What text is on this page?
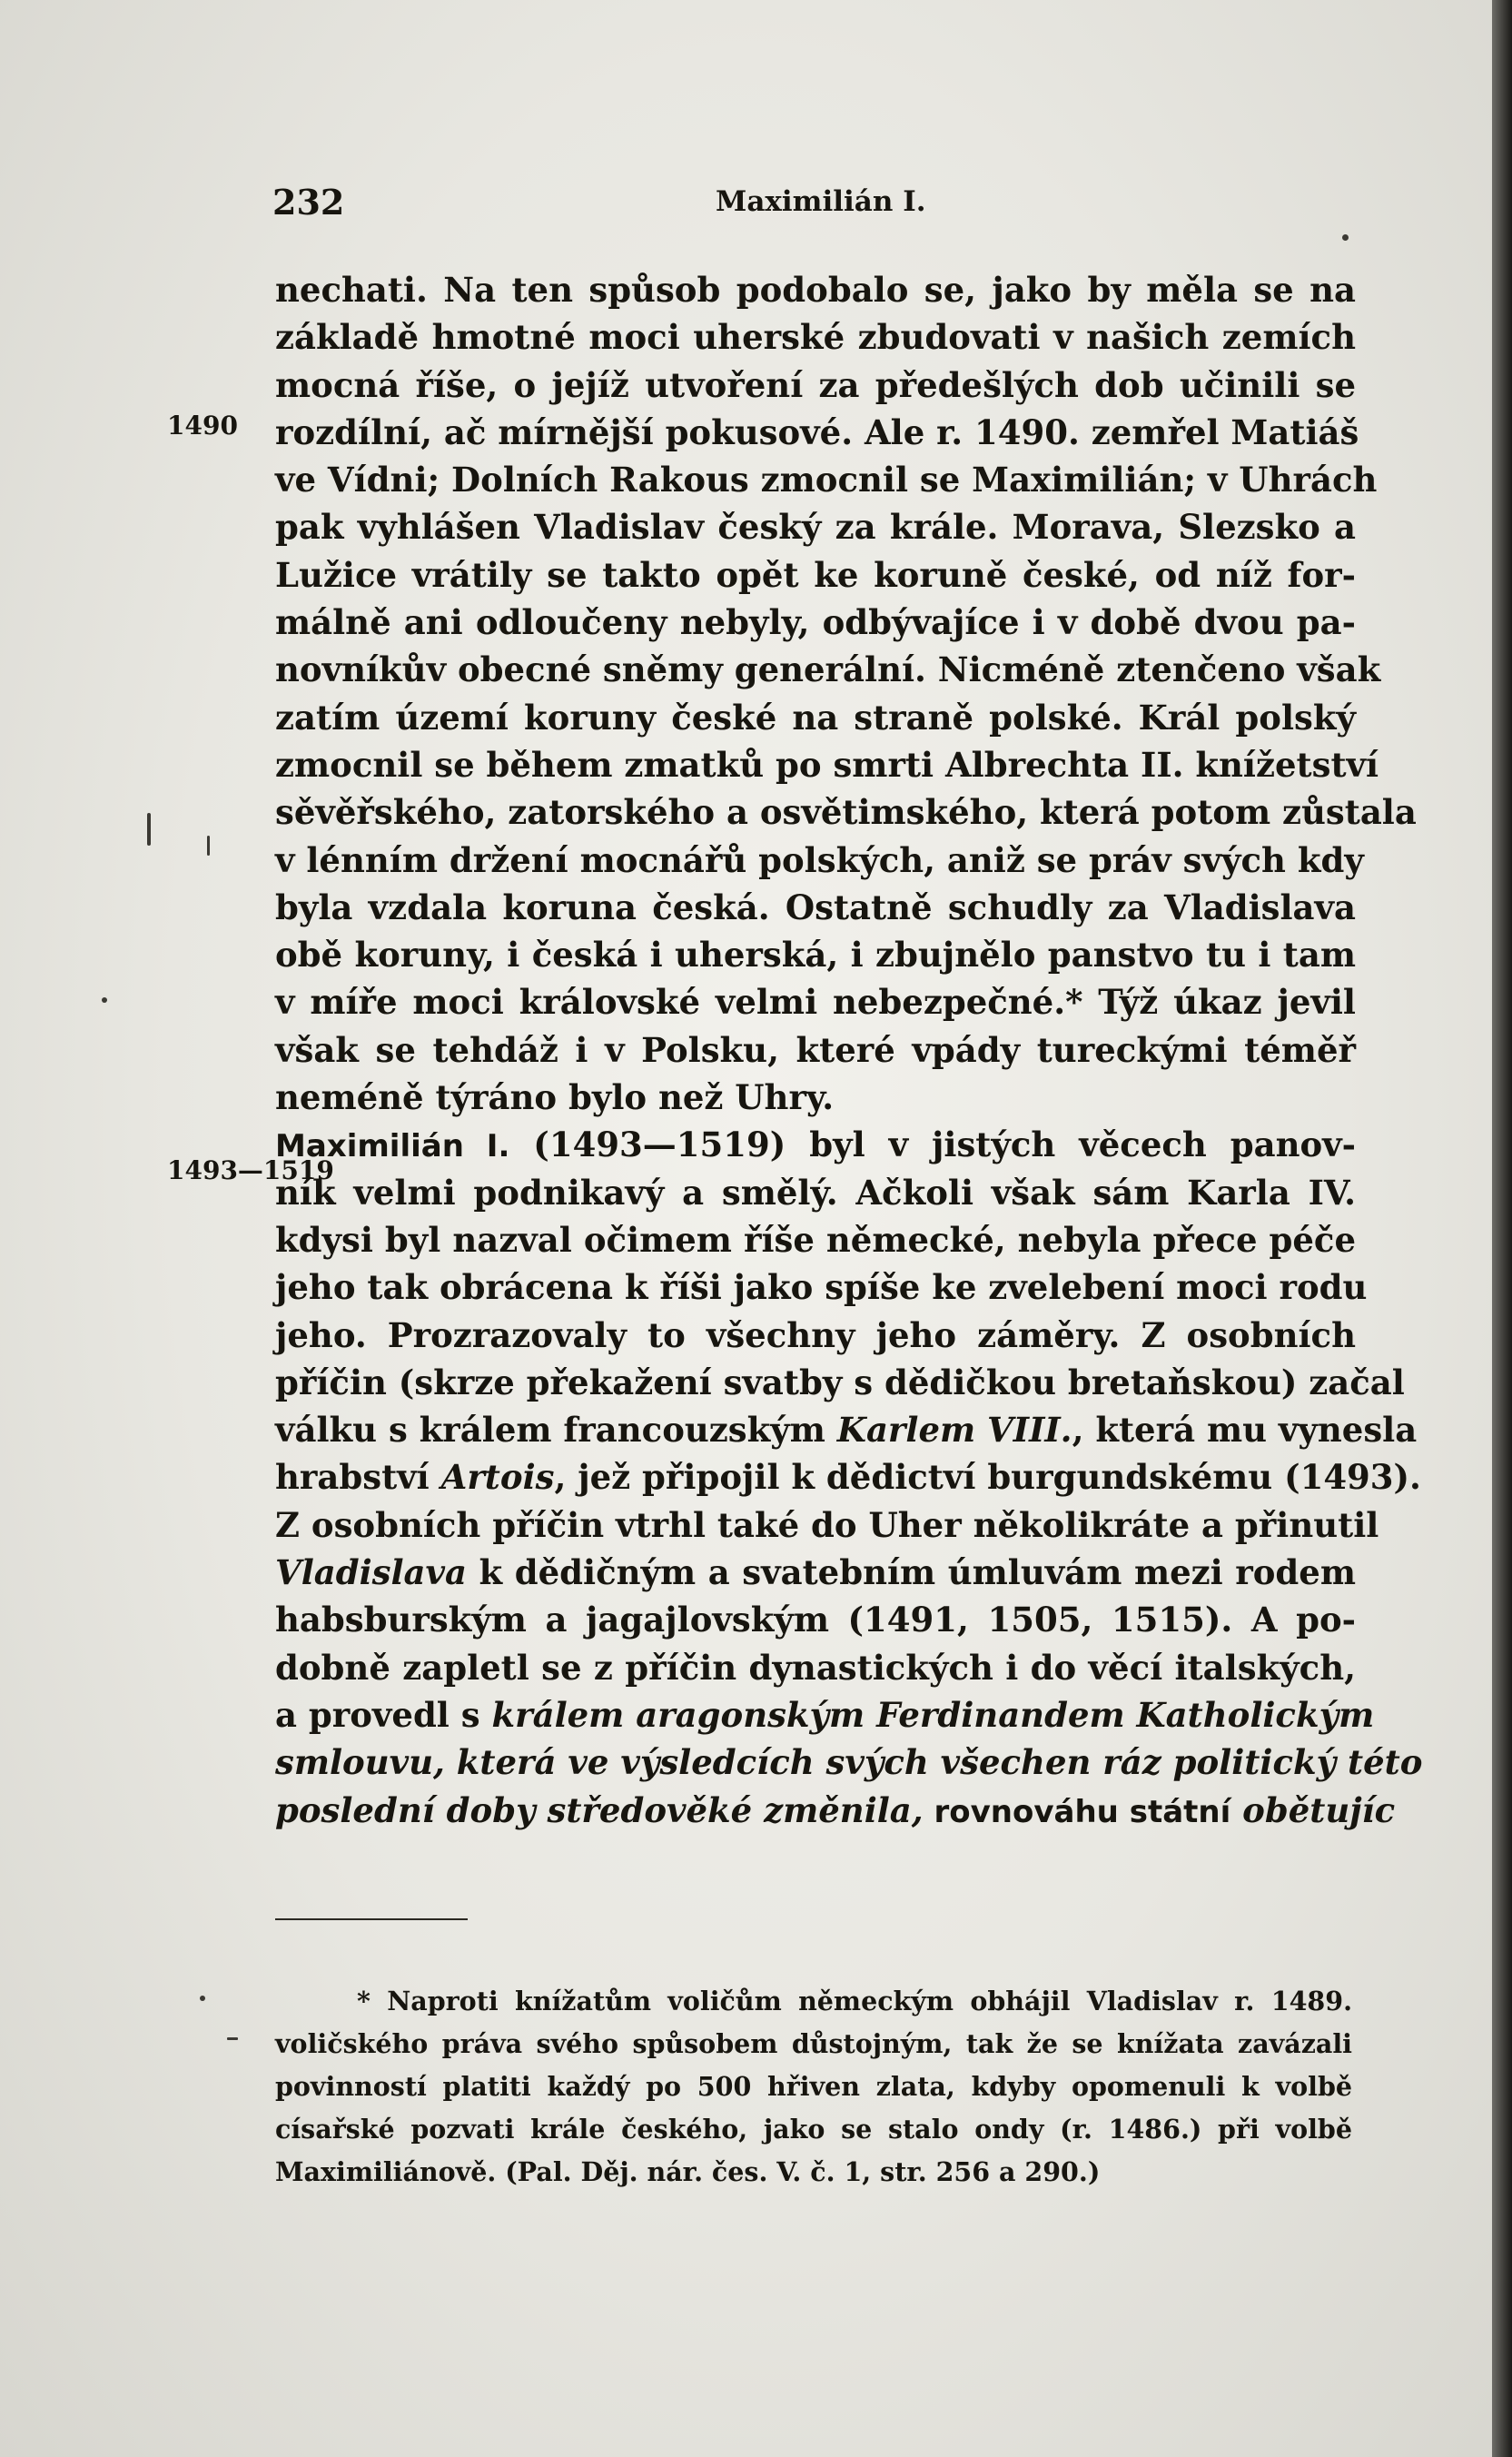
232	Maximilián I.
1490
1493—1519
nechati. Na ten spůsob podobalo se, jako by měla se na
základě hmotné moci uherské zbudovati v našich zemích
mocná říše, o jejíž utvoření za předešlých dob učinili se
rozdílní, ač mírnější pokusové. Ale r. 1490. zemřel Matiáš
ve Vídni; Dolních Rakous zmocnil se Maximilián; v Uhrách
pak vyhlášen Vladislav český za krále. Morava, Slezsko a
Lužice vrátily se takto opět ke koruně české, od níž for-
málně ani odloučeny nebyly, odbývajíce i v době dvou pa-
novníkův obecné sněmy generální. Nicméně ztenčeno však
zatím území koruny české na straně polské. Král polský
zmocnil se během zmatků po smrti Albrechta II. knížetství
sěvěřského, zatorského a osvětimského, která potom zůstala
v lénním držení mocnářů polských, aniž se práv svých kdy
byla vzdala koruna česká. Ostatně schudly za Vladislava
obě koruny, i česká i uherská, i zbujnělo panstvo tu i tam
v míře moci královské velmi nebezpečné.* Týž úkaz jevil
však se tehdáž i v Polsku, které vpády tureckými téměř
neméně týráno bylo než Uhry.
Maximilián I. (1493—1519) byl v jistých věcech panov-
ník velmi podnikavý a smělý. Ačkoli však sám Karla IV.
kdysi byl nazval očimem říše německé, nebyla přece péče
jeho tak obrácena k říši jako spíše ke zvelebení moci rodu
jeho. Prozrazovaly to všechny jeho záměry. Z osobních
příčin (skrze překažení svatby s dědičkou bretaňskou) začal
válku s králem francouzským Karlem VIII., která mu vynesla
hrabství Artois, jež připojil k dědictví burgundskému (1493).
Z osobních příčin vtrhl také do Uher několikráte a přinutil
Vladislava k dědičným a svatebním úmluvám mezi rodem
habsburským a jagajlovským (1491, 1505, 1515). A po-
dobně zapletl se z příčin dynastických i do věcí italských,
a provedl s králem aragonským Ferdinandem Katholickým
smlouvu, která ve výsledcích svých všechen ráz politický této
poslední doby středověké změnila, rovnováhu státní obětujíc
* Naproti knížatům voličům německým obhájil Vladislav r. 1489.
voličského práva svého spůsobem důstojným, tak že se knížata zavázali
povinností platiti každý po 500 hřiven zlata, kdyby opomenuli k volbě
císařské pozvati krále českého, jako se stalo ondy (r. 1486.) při volbě
Maximiliánově. (Pal. Děj. nár. čes. V. č. 1, str. 256 a 290.)
